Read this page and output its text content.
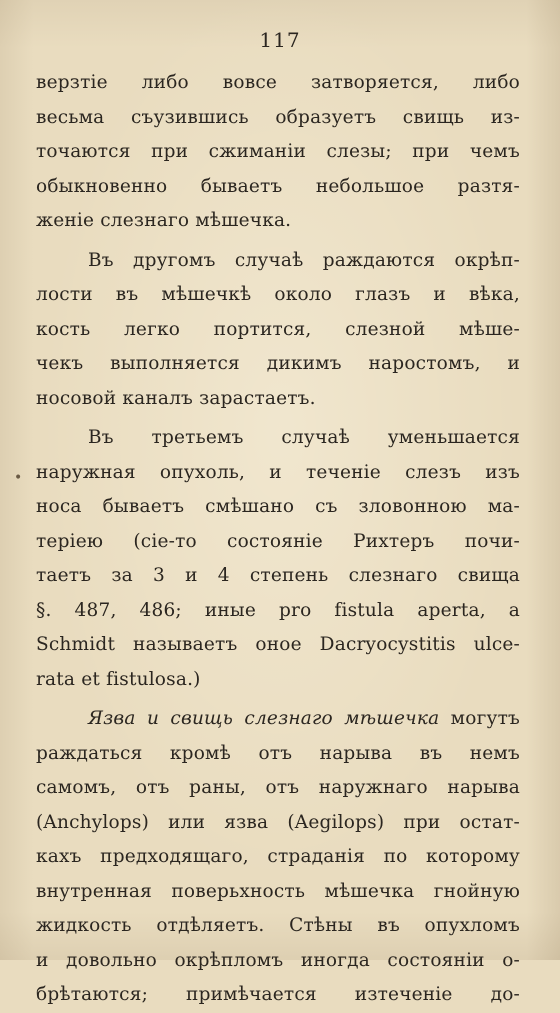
117
•
верзтіе либо вовсе затворяется, либо
весьма съузившись образуетъ свищь из-
точаются при сжиманіи слезы; при чемъ
обыкновенно бываетъ небольшое разтя-
женіе слезнаго мѣшечка.
Въ другомъ случаѣ раждаются окрѣп-
лости въ мѣшечкѣ около глазъ и вѣка,
кость легко портится, слезной мѣше-
чекъ выполняется дикимъ наростомъ, и
носовой каналъ зарастаетъ.
Въ третьемъ случаѣ уменьшается
наружная опухоль, и теченіе слезъ изъ
носа бываетъ смѣшано съ зловонною ма-
теріею (сіе-то состояніе Рихтеръ почи-
таетъ за 3 и 4 степень слезнаго свища
§. 487, 486; иные pro fistula aperta, а
Schmidt называетъ оное Dacryocystitis ulce-
rata et fistulosa.)
Язва и свищь слезнаго мѣшечка могутъ
раждаться кромѣ отъ нарыва въ немъ
самомъ, отъ раны, отъ наружнаго нарыва
(Anchylops) или язва (Aegilops) при остат-
кахъ предходящаго, страданія по которому
внутренная поверьхность мѣшечка гнойную
жидкость отдѣляетъ. Стѣны въ опухломъ
и довольно окрѣпломъ иногда состояніи о-
брѣтаются; примѣчается изтеченіе до-
